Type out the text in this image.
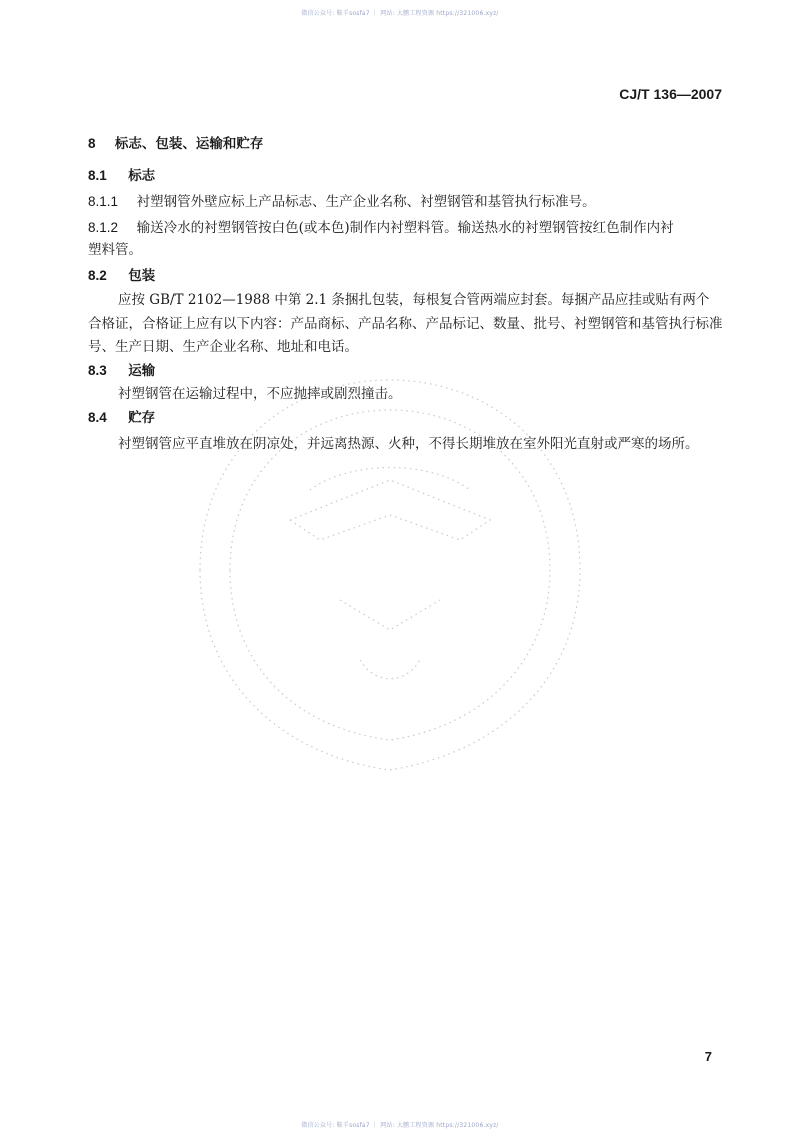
微信公众号: 鞍羊sosfa7 ｜ 网站: 大鹏工程资源 https://321006.xyz/
CJ/T 136—2007
8 标志、包装、运输和贮存
8.1 标志
8.1.1 衬塑钢管外壁应标上产品标志、生产企业名称、衬塑钢管和基管执行标准号。
8.1.2 输送冷水的衬塑钢管按白色(或本色)制作内衬塑料管。输送热水的衬塑钢管按红色制作内衬
塑料管。
8.2 包装
应按 GB/T 2102—1988 中第 2.1 条捆扎包装，每根复合管两端应封套。每捆产品应挂或贴有两个
合格证，合格证上应有以下内容：产品商标、产品名称、产品标记、数量、批号、衬塑钢管和基管执行标准
号、生产日期、生产企业名称、地址和电话。
8.3 运输
衬塑钢管在运输过程中，不应抛摔或剧烈撞击。
8.4 贮存
衬塑钢管应平直堆放在阴凉处，并远离热源、火种，不得长期堆放在室外阳光直射或严寒的场所。
7
微信公众号: 鞍羊sosfa7 ｜ 网站: 大鹏工程资源 https://321006.xyz/
